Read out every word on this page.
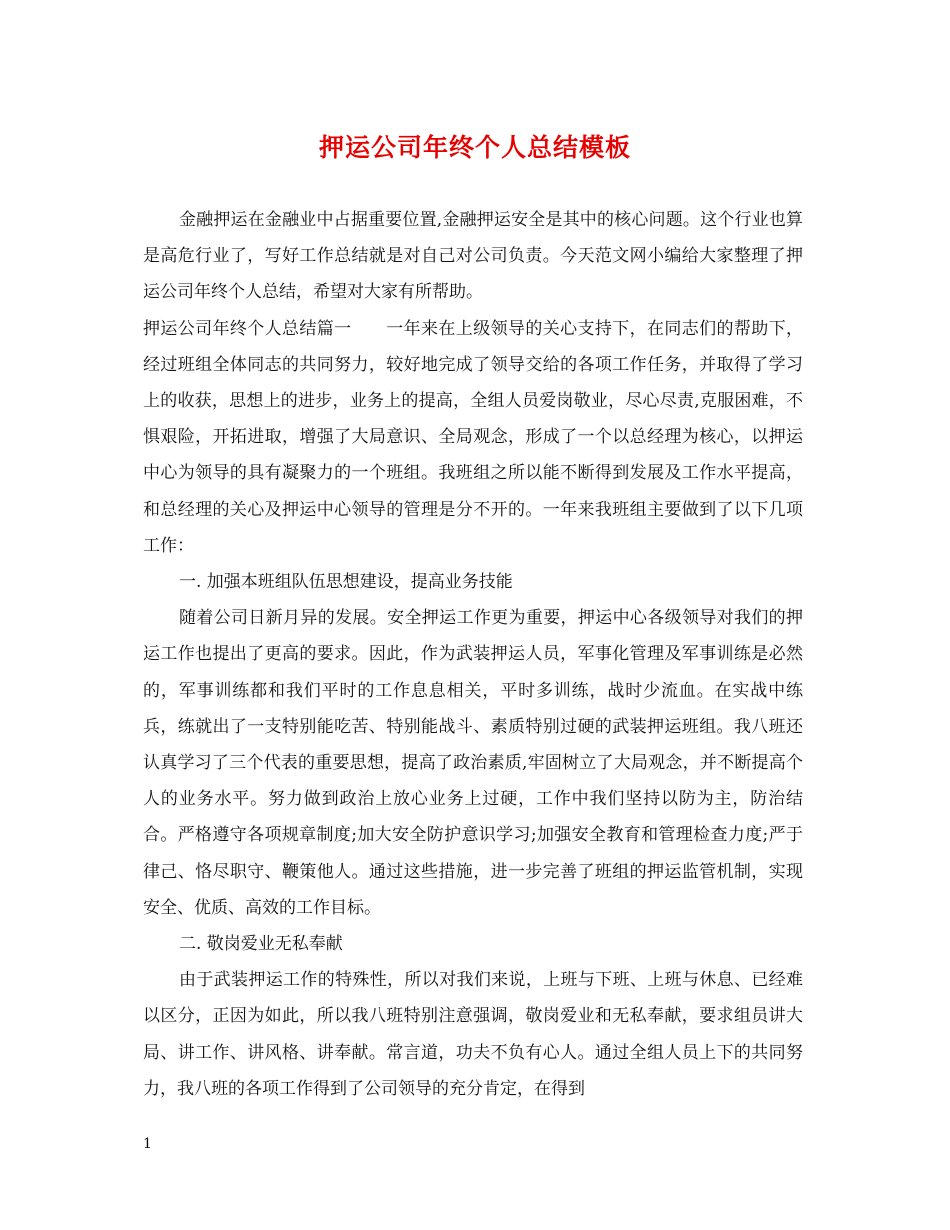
押运公司年终个人总结模板

金融押运在金融业中占据重要位置,金融押运安全是其中的核心问题。这个行业也算是高危行业了，写好工作总结就是对自己对公司负责。今天范文网小编给大家整理了押运公司年终个人总结，希望对大家有所帮助。

押运公司年终个人总结篇一　　一年来在上级领导的关心支持下，在同志们的帮助下，经过班组全体同志的共同努力，较好地完成了领导交给的各项工作任务，并取得了学习上的收获，思想上的进步，业务上的提高，全组人员爱岗敬业，尽心尽责,克服困难，不惧艰险，开拓进取，增强了大局意识、全局观念，形成了一个以总经理为核心，以押运中心为领导的具有凝聚力的一个班组。我班组之所以能不断得到发展及工作水平提高，和总经理的关心及押运中心领导的管理是分不开的。一年来我班组主要做到了以下几项工作：

一. 加强本班组队伍思想建设，提高业务技能

随着公司日新月异的发展。安全押运工作更为重要，押运中心各级领导对我们的押运工作也提出了更高的要求。因此，作为武装押运人员，军事化管理及军事训练是必然的，军事训练都和我们平时的工作息息相关，平时多训练，战时少流血。在实战中练兵，练就出了一支特别能吃苦、特别能战斗、素质特别过硬的武装押运班组。我八班还认真学习了三个代表的重要思想，提高了政治素质,牢固树立了大局观念，并不断提高个人的业务水平。努力做到政治上放心业务上过硬，工作中我们坚持以防为主，防治结合。严格遵守各项规章制度;加大安全防护意识学习;加强安全教育和管理检查力度;严于律己、恪尽职守、鞭策他人。通过这些措施，进一步完善了班组的押运监管机制，实现安全、优质、高效的工作目标。

二. 敬岗爱业无私奉献

由于武装押运工作的特殊性，所以对我们来说，上班与下班、上班与休息、已经难以区分，正因为如此，所以我八班特别注意强调，敬岗爱业和无私奉献，要求组员讲大局、讲工作、讲风格、讲奉献。常言道，功夫不负有心人。通过全组人员上下的共同努力，我八班的各项工作得到了公司领导的充分肯定，在得到

1
